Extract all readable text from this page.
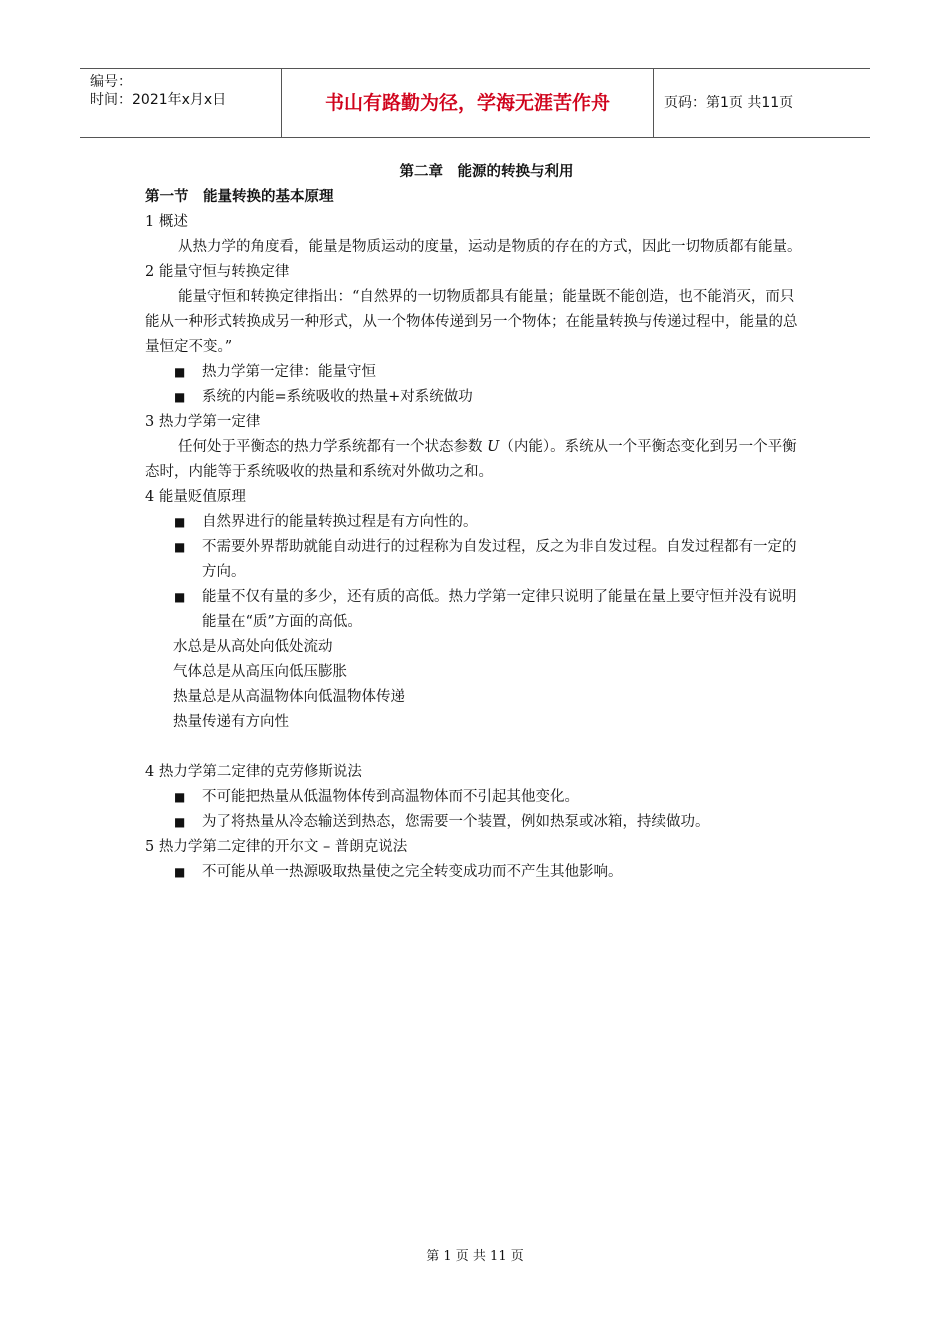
编号：
时间：2021年x月x日	书山有路勤为径，学海无涯苦作舟	页码：第1页 共11页

第二章　能源的转换与利用

第一节　能量转换的基本原理

1 概述

从热力学的角度看，能量是物质运动的度量，运动是物质的存在的方式，因此一切物质都有能量。

2 能量守恒与转换定律

能量守恒和转换定律指出：“自然界的一切物质都具有能量；能量既不能创造，也不能消灭，而只能从一种形式转换成另一种形式，从一个物体传递到另一个物体；在能量转换与传递过程中，能量的总量恒定不变。”

■ 热力学第一定律：能量守恒
■ 系统的内能=系统吸收的热量+对系统做功

3 热力学第一定律

任何处于平衡态的热力学系统都有一个状态参数 U（内能）。系统从一个平衡态变化到另一个平衡态时，内能等于系统吸收的热量和系统对外做功之和。

4 能量贬值原理

■ 自然界进行的能量转换过程是有方向性的。
■ 不需要外界帮助就能自动进行的过程称为自发过程，反之为非自发过程。自发过程都有一定的方向。
■ 能量不仅有量的多少，还有质的高低。热力学第一定律只说明了能量在量上要守恒并没有说明能量在“质”方面的高低。

水总是从高处向低处流动

气体总是从高压向低压膨胀

热量总是从高温物体向低温物体传递

热量传递有方向性

4 热力学第二定律的克劳修斯说法

■ 不可能把热量从低温物体传到高温物体而不引起其他变化。
■ 为了将热量从冷态输送到热态，您需要一个装置，例如热泵或冰箱，持续做功。

5 热力学第二定律的开尔文 – 普朗克说法

■ 不可能从单一热源吸取热量使之完全转变成功而不产生其他影响。
第 1 页 共 11 页
